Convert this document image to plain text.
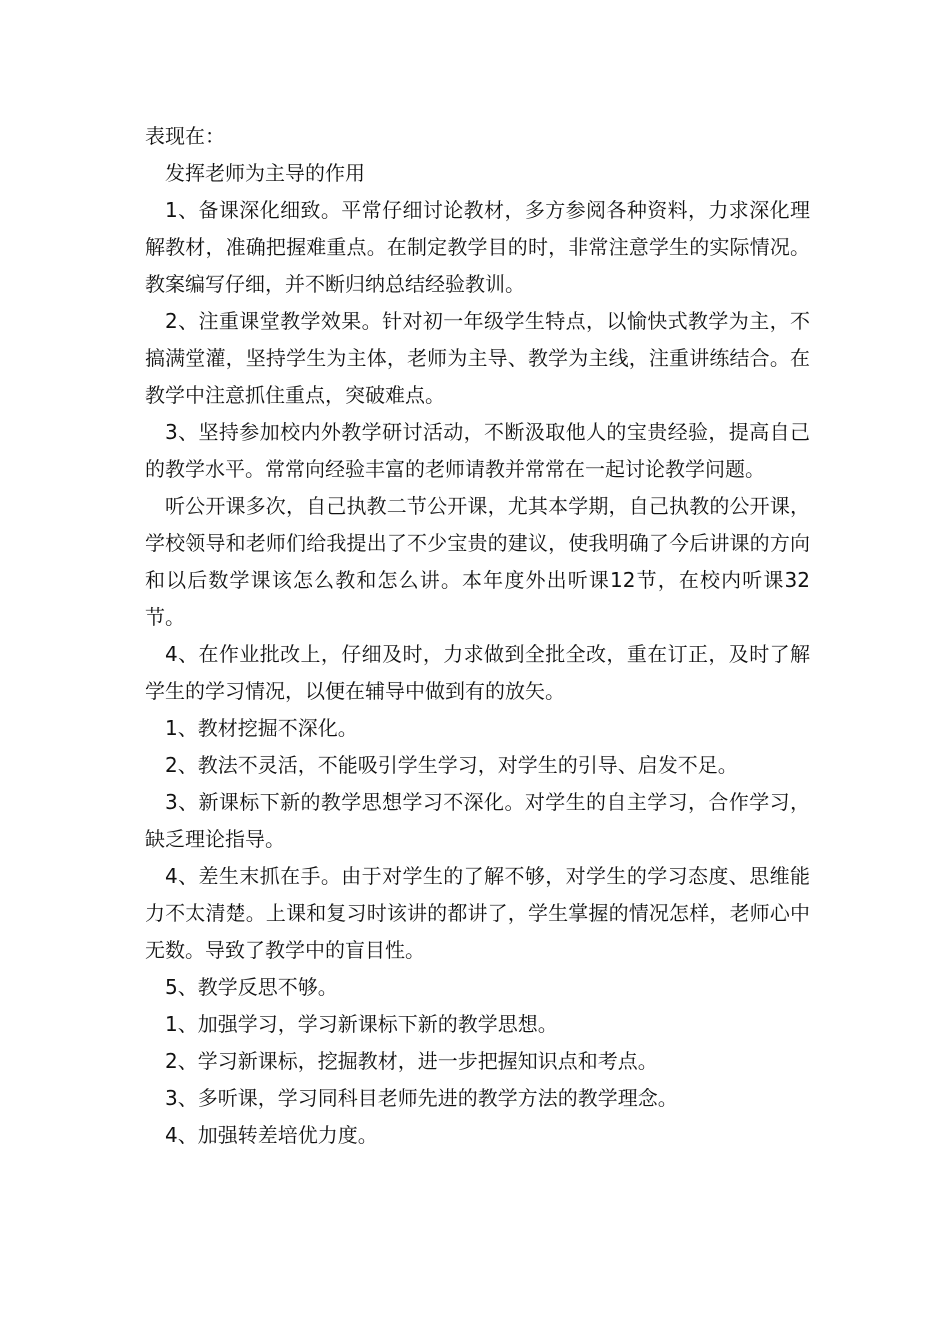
表现在：

发挥老师为主导的作用

1、备课深化细致。平常仔细讨论教材，多方参阅各种资料，力求深化理解教材，准确把握难重点。在制定教学目的时，非常注意学生的实际情况。教案编写仔细，并不断归纳总结经验教训。

2、注重课堂教学效果。针对初一年级学生特点，以愉快式教学为主，不搞满堂灌，坚持学生为主体，老师为主导、教学为主线，注重讲练结合。在教学中注意抓住重点，突破难点。

3、坚持参加校内外教学研讨活动，不断汲取他人的宝贵经验，提高自己的教学水平。常常向经验丰富的老师请教并常常在一起讨论教学问题。

听公开课多次，自己执教二节公开课，尤其本学期，自己执教的公开课，学校领导和老师们给我提出了不少宝贵的建议，使我明确了今后讲课的方向和以后数学课该怎么教和怎么讲。本年度外出听课12节，在校内听课32节。

4、在作业批改上，仔细及时，力求做到全批全改，重在订正，及时了解学生的学习情况，以便在辅导中做到有的放矢。

1、教材挖掘不深化。

2、教法不灵活，不能吸引学生学习，对学生的引导、启发不足。

3、新课标下新的教学思想学习不深化。对学生的自主学习，合作学习，缺乏理论指导。

4、差生末抓在手。由于对学生的了解不够，对学生的学习态度、思维能力不太清楚。上课和复习时该讲的都讲了，学生掌握的情况怎样，老师心中无数。导致了教学中的盲目性。

5、教学反思不够。

1、加强学习，学习新课标下新的教学思想。

2、学习新课标，挖掘教材，进一步把握知识点和考点。

3、多听课，学习同科目老师先进的教学方法的教学理念。

4、加强转差培优力度。
